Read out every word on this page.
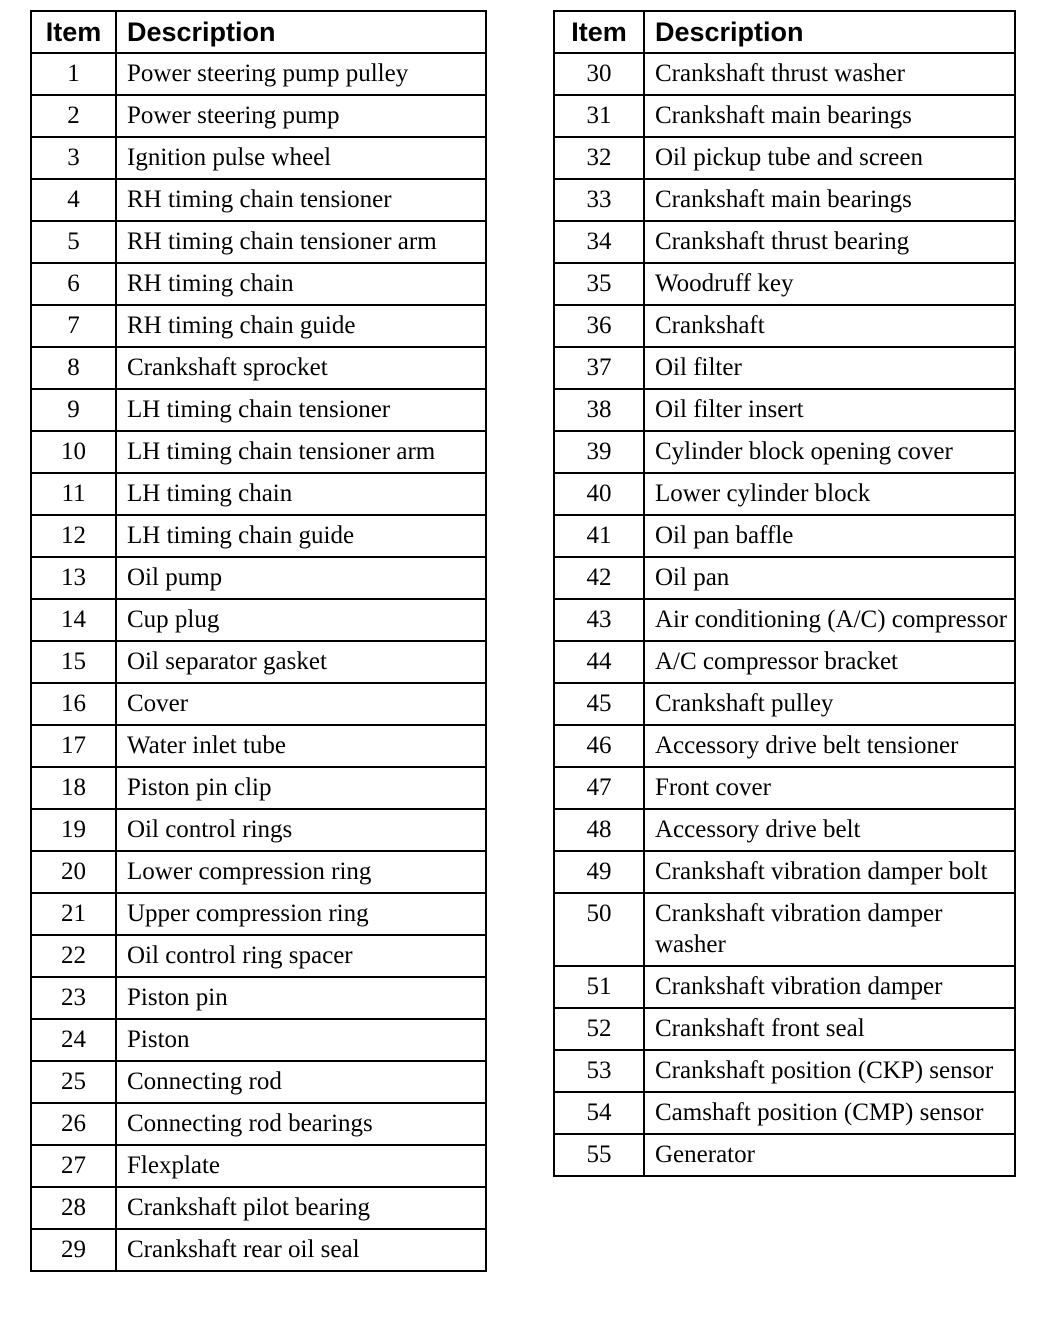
Item	Description
1	Power steering pump pulley
2	Power steering pump
3	Ignition pulse wheel
4	RH timing chain tensioner
5	RH timing chain tensioner arm
6	RH timing chain
7	RH timing chain guide
8	Crankshaft sprocket
9	LH timing chain tensioner
10	LH timing chain tensioner arm
11	LH timing chain
12	LH timing chain guide
13	Oil pump
14	Cup plug
15	Oil separator gasket
16	Cover
17	Water inlet tube
18	Piston pin clip
19	Oil control rings
20	Lower compression ring
21	Upper compression ring
22	Oil control ring spacer
23	Piston pin
24	Piston
25	Connecting rod
26	Connecting rod bearings
27	Flexplate
28	Crankshaft pilot bearing
29	Crankshaft rear oil seal
Item	Description
30	Crankshaft thrust washer
31	Crankshaft main bearings
32	Oil pickup tube and screen
33	Crankshaft main bearings
34	Crankshaft thrust bearing
35	Woodruff key
36	Crankshaft
37	Oil filter
38	Oil filter insert
39	Cylinder block opening cover
40	Lower cylinder block
41	Oil pan baffle
42	Oil pan
43	Air conditioning (A/C) compressor
44	A/C compressor bracket
45	Crankshaft pulley
46	Accessory drive belt tensioner
47	Front cover
48	Accessory drive belt
49	Crankshaft vibration damper bolt
50	Crankshaft vibration damper washer
51	Crankshaft vibration damper
52	Crankshaft front seal
53	Crankshaft position (CKP) sensor
54	Camshaft position (CMP) sensor
55	Generator
